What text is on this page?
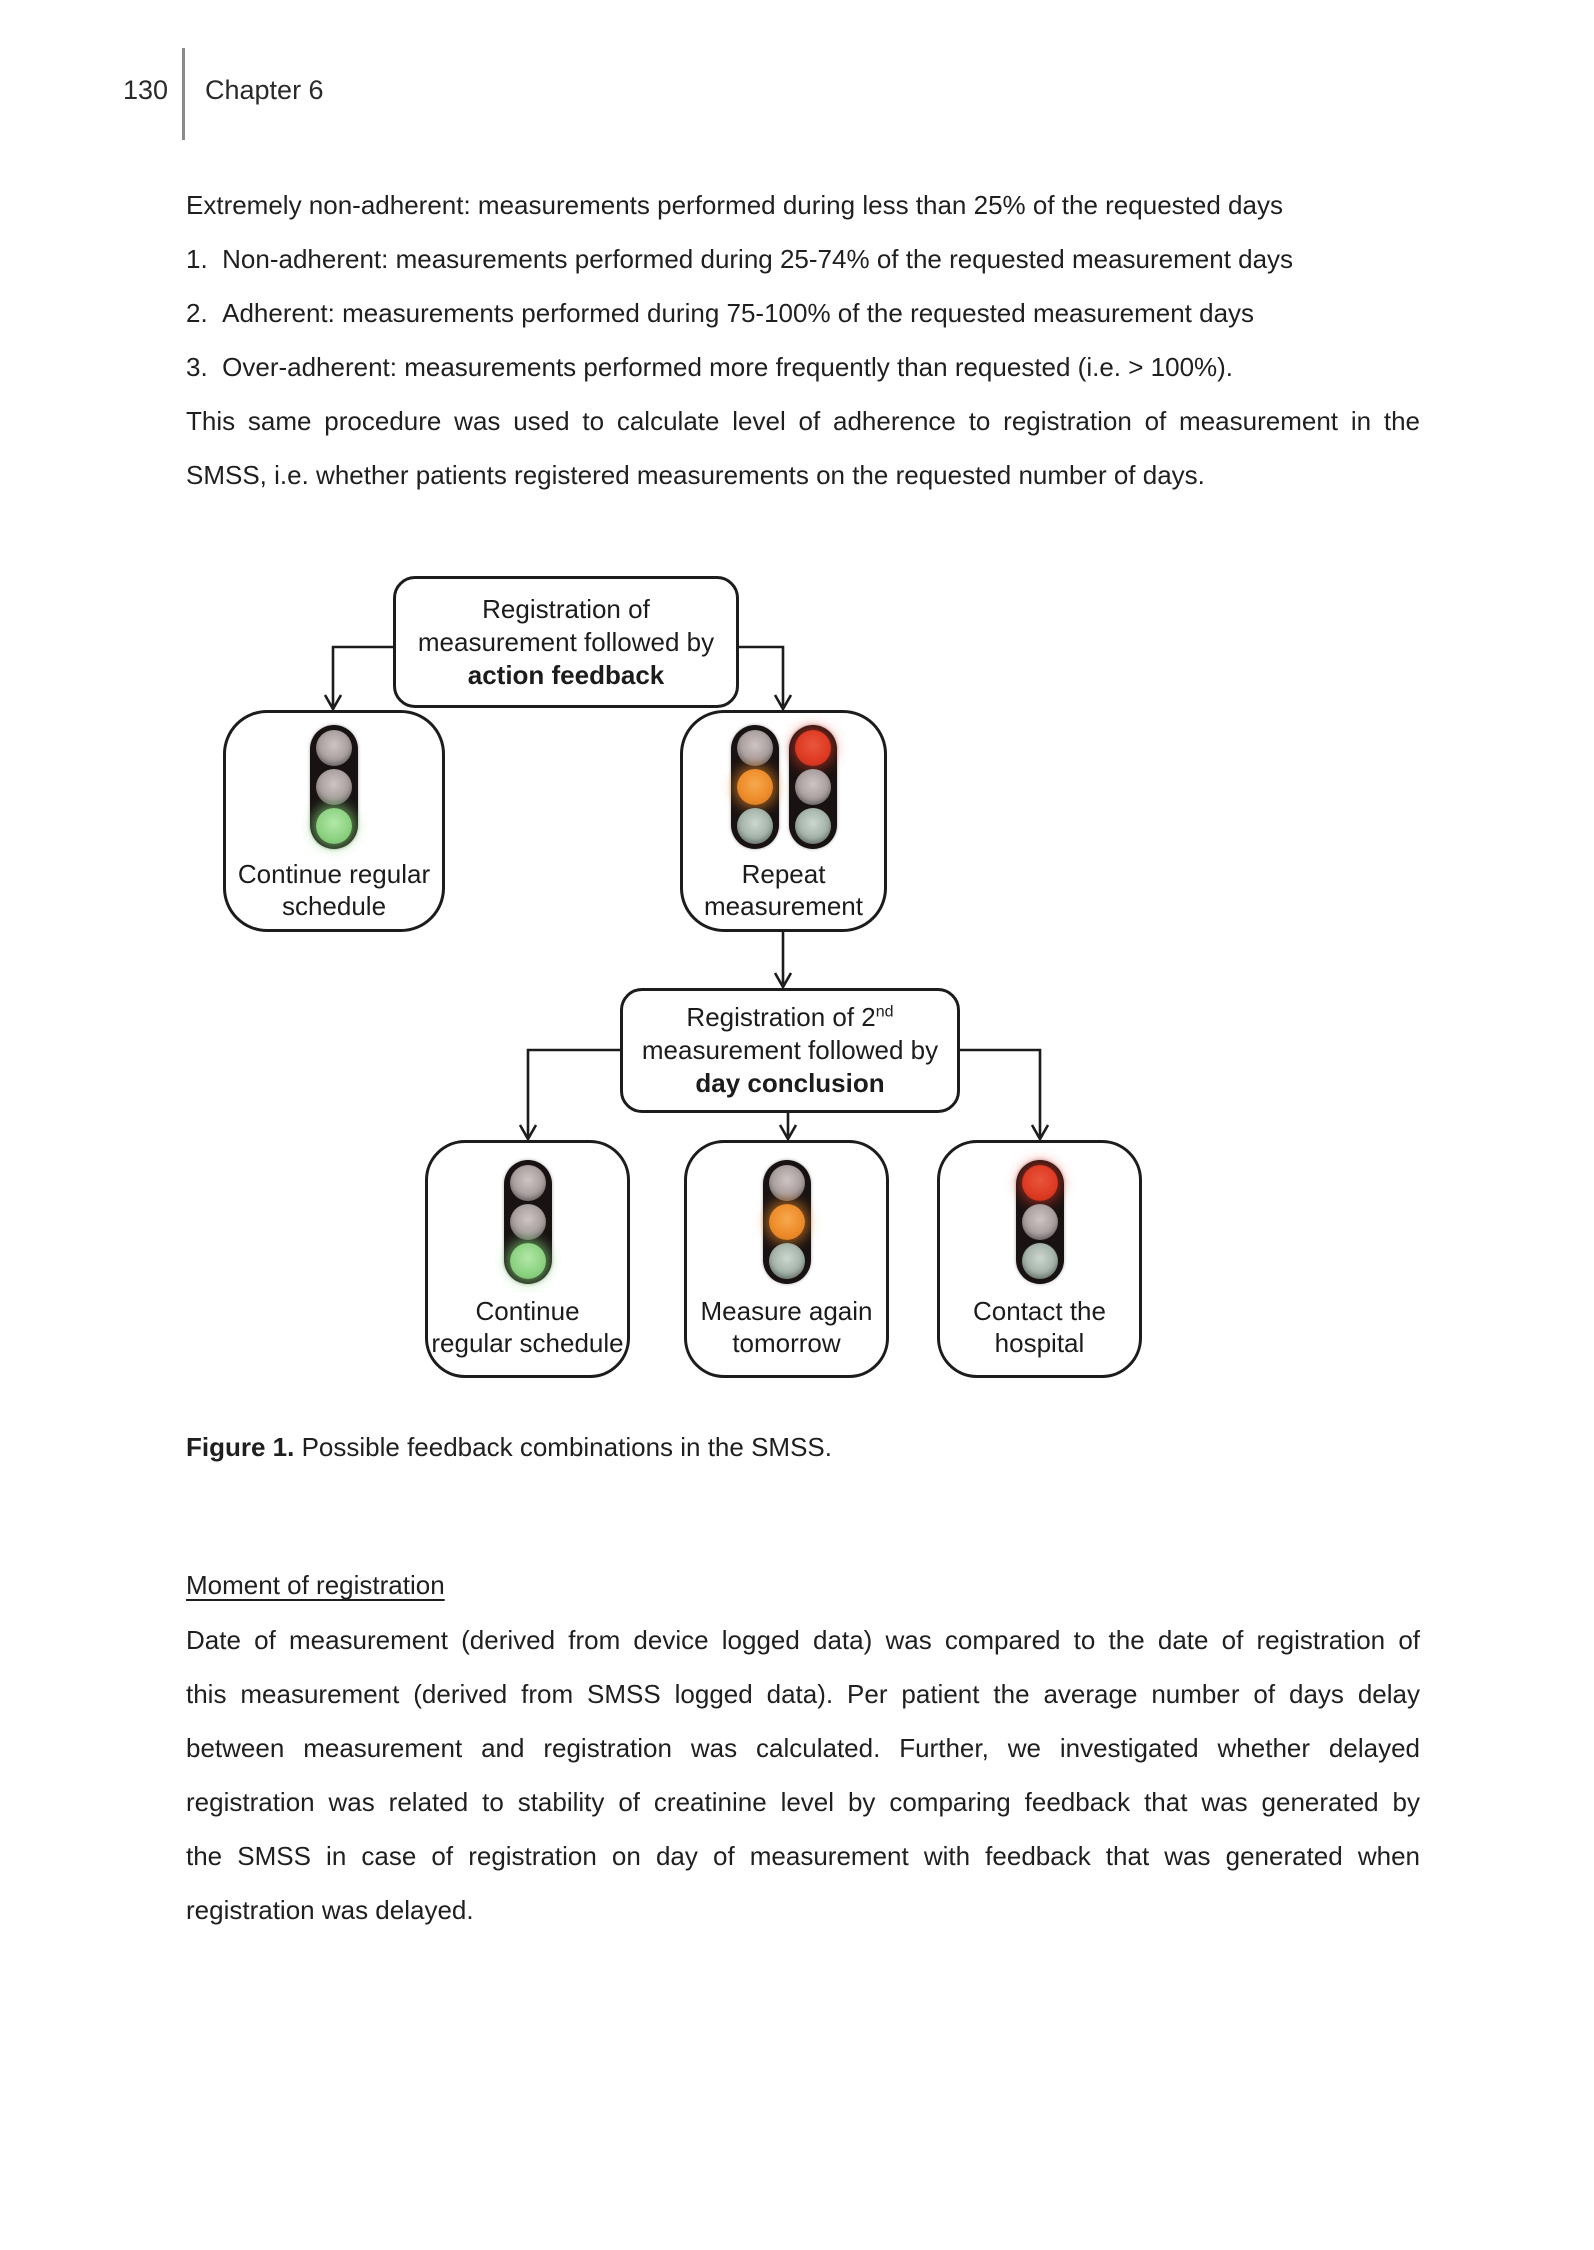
130 Chapter 6
Extremely non-adherent: measurements performed during less than 25% of the requested days
1.  Non-adherent: measurements performed during 25-74% of the requested measurement days
2.  Adherent: measurements performed during 75-100% of the requested measurement days
3.  Over-adherent: measurements performed more frequently than requested (i.e. > 100%).
This same procedure was used to calculate level of adherence to registration of measurement in the
SMSS, i.e. whether patients registered measurements on the requested number of days.
Registration of
measurement followed by
action feedback
Continue regular
schedule
Repeat
measurement
Registration of 2nd
measurement followed by
day conclusion
Continue
regular schedule
Measure again
tomorrow
Contact the
hospital
Figure 1. Possible feedback combinations in the SMSS.
Moment of registration
Date of measurement (derived from device logged data) was compared to the date of registration of
this measurement (derived from SMSS logged data). Per patient the average number of days delay
between measurement and registration was calculated. Further, we investigated whether delayed
registration was related to stability of creatinine level by comparing feedback that was generated by
the SMSS in case of registration on day of measurement with feedback that was generated when
registration was delayed.
